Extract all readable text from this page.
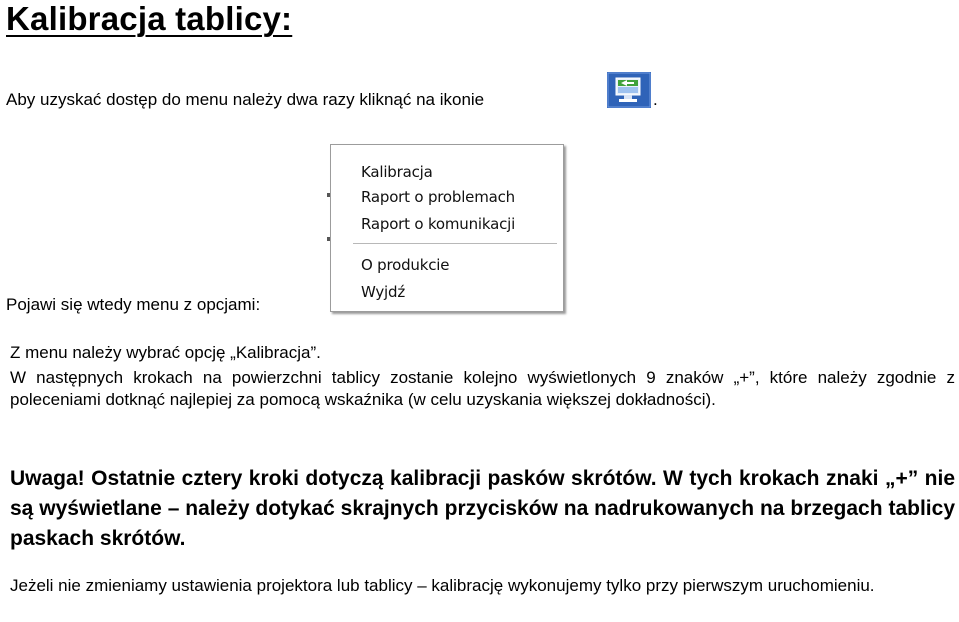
Kalibracja tablicy:
Aby uzyskać dostęp do menu należy dwa razy kliknąć na ikonie	.
Pojawi się wtedy menu z opcjami:
Kalibracja
Raport o problemach
Raport o komunikacji
O produkcie
Wyjdź
Z menu należy wybrać opcję „Kalibracja”.
W następnych krokach na powierzchni tablicy zostanie kolejno wyświetlonych 9 znaków „+”, które należy zgodnie z poleceniami dotknąć najlepiej za pomocą wskaźnika (w celu uzyskania większej dokładności).
Uwaga! Ostatnie cztery kroki dotyczą kalibracji pasków skrótów. W tych krokach znaki „+” nie są wyświetlane – należy dotykać skrajnych przycisków na nadrukowanych na brzegach tablicy paskach skrótów.
Jeżeli nie zmieniamy ustawienia projektora lub tablicy – kalibrację wykonujemy tylko przy pierwszym uruchomieniu.
